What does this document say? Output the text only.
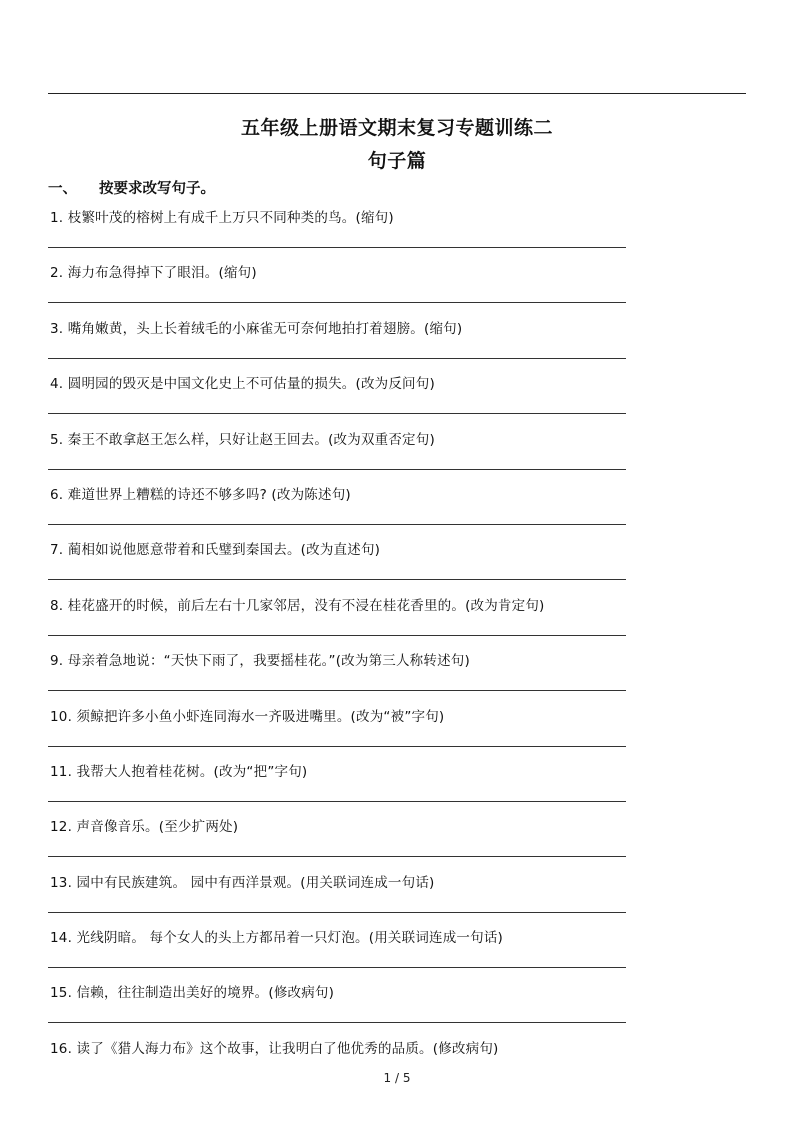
五年级上册语文期末复习专题训练二
句子篇
一、 按要求改写句子。
1. 枝繁叶茂的榕树上有成千上万只不同种类的鸟。(缩句)
2. 海力布急得掉下了眼泪。(缩句)
3. 嘴角嫩黄，头上长着绒毛的小麻雀无可奈何地拍打着翅膀。(缩句)
4. 圆明园的毁灭是中国文化史上不可估量的损失。(改为反问句)
5. 秦王不敢拿赵王怎么样，只好让赵王回去。(改为双重否定句)
6. 难道世界上糟糕的诗还不够多吗? (改为陈述句)
7. 蔺相如说他愿意带着和氏璧到秦国去。(改为直述句)
8. 桂花盛开的时候，前后左右十几家邻居，没有不浸在桂花香里的。(改为肯定句)
9. 母亲着急地说：“天快下雨了，我要摇桂花。”(改为第三人称转述句)
10. 须鲸把许多小鱼小虾连同海水一齐吸进嘴里。(改为“被”字句)
11. 我帮大人抱着桂花树。(改为“把”字句)
12. 声音像音乐。(至少扩两处)
13. 园中有民族建筑。 园中有西洋景观。(用关联词连成一句话)
14. 光线阴暗。 每个女人的头上方都吊着一只灯泡。(用关联词连成一句话)
15. 信赖，往往制造出美好的境界。(修改病句)
16. 读了《猎人海力布》这个故事，让我明白了他优秀的品质。(修改病句)
1 / 5
